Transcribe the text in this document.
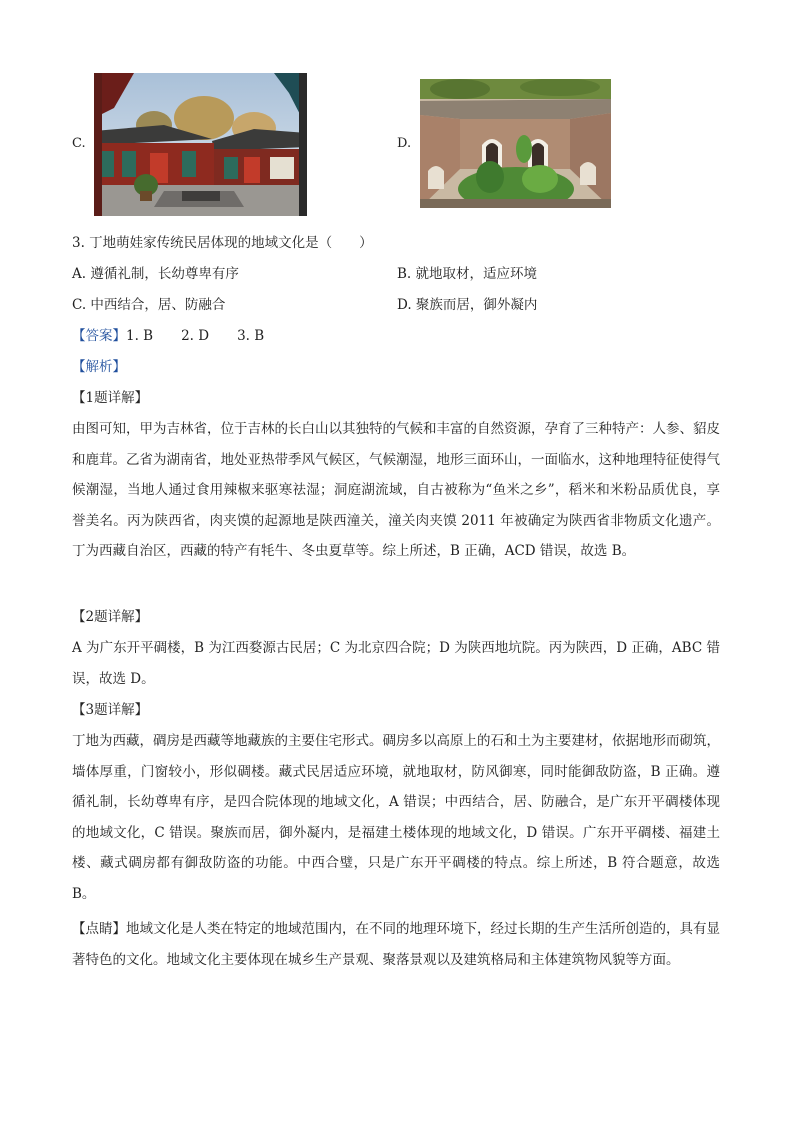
C.	D.
3. 丁地萌娃家传统民居体现的地域文化是（　　）
A. 遵循礼制，长幼尊卑有序	B. 就地取材，适应环境
C. 中西结合，居、防融合	D. 聚族而居，御外凝内
【答案】1. B 2. D 3. B
【解析】
【1题详解】
由图可知，甲为吉林省，位于吉林的长白山以其独特的气候和丰富的自然资源，孕育了三种特产：人参、貂皮和鹿茸。乙省为湖南省，地处亚热带季风气候区，气候潮湿，地形三面环山，一面临水，这种地理特征使得气候潮湿，当地人通过食用辣椒来驱寒祛湿；洞庭湖流域，自古被称为“鱼米之乡”，稻米和米粉品质优良，享誉美名。丙为陕西省，肉夹馍的起源地是陕西潼关，潼关肉夹馍 2011 年被确定为陕西省非物质文化遗产。丁为西藏自治区，西藏的特产有牦牛、冬虫夏草等。综上所述，B 正确，ACD 错误，故选 B。
【2题详解】
A 为广东开平碉楼，B 为江西婺源古民居；C 为北京四合院；D 为陕西地坑院。丙为陕西，D 正确，ABC 错误，故选 D。
【3题详解】
丁地为西藏，碉房是西藏等地藏族的主要住宅形式。碉房多以高原上的石和土为主要建材，依据地形而砌筑，墙体厚重，门窗较小，形似碉楼。藏式民居适应环境，就地取材，防风御寒，同时能御敌防盗，B 正确。遵循礼制，长幼尊卑有序，是四合院体现的地域文化，A 错误；中西结合，居、防融合，是广东开平碉楼体现的地域文化，C 错误。聚族而居，御外凝内，是福建土楼体现的地域文化，D 错误。广东开平碉楼、福建土楼、藏式碉房都有御敌防盗的功能。中西合璧，只是广东开平碉楼的特点。综上所述，B 符合题意，故选 B。
【点睛】地域文化是人类在特定的地域范围内，在不同的地理环境下，经过长期的生产生活所创造的，具有显著特色的文化。地域文化主要体现在城乡生产景观、聚落景观以及建筑格局和主体建筑物风貌等方面。
